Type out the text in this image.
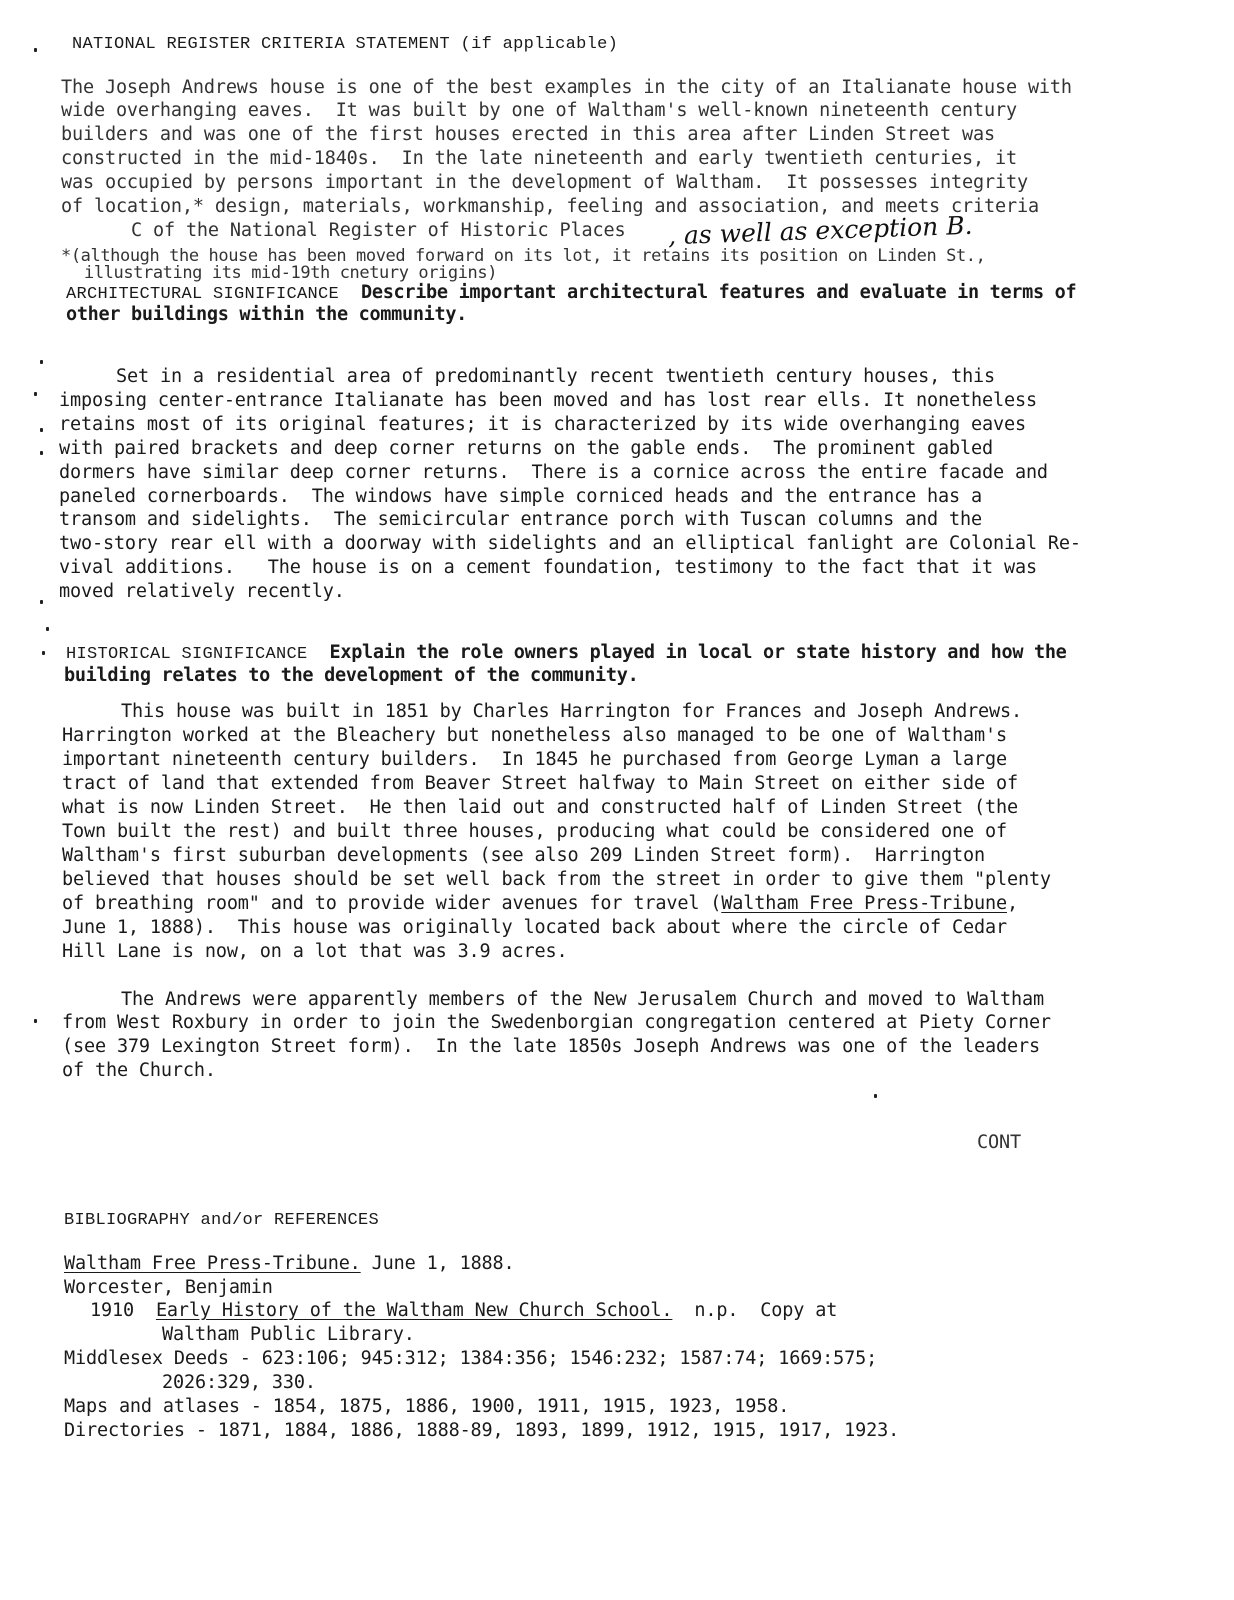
NATIONAL REGISTER CRITERIA STATEMENT (if applicable)
The Joseph Andrews house is one of the best examples in the city of an Italianate house with
wide overhanging eaves.  It was built by one of Waltham's well-known nineteenth century
builders and was one of the first houses erected in this area after Linden Street was
constructed in the mid-1840s.  In the late nineteenth and early twentieth centuries, it
was occupied by persons important in the development of Waltham.  It possesses integrity
of location,* design, materials, workmanship, feeling and association, and meets criteria
C of the National Register of Historic Places , as well as exception B.
*(although the house has been moved forward on its lot, it retains its position on Linden St.,
illustrating its mid-19th cnetury origins)
ARCHITECTURAL SIGNIFICANCE Describe important architectural features and evaluate in terms of
other buildings within the community.
Set in a residential area of predominantly recent twentieth century houses, this
imposing center-entrance Italianate has been moved and has lost rear ells. It nonetheless
retains most of its original features; it is characterized by its wide overhanging eaves
with paired brackets and deep corner returns on the gable ends.  The prominent gabled
dormers have similar deep corner returns.  There is a cornice across the entire facade and
paneled cornerboards.  The windows have simple corniced heads and the entrance has a
transom and sidelights.  The semicircular entrance porch with Tuscan columns and the
two-story rear ell with a doorway with sidelights and an elliptical fanlight are Colonial Re-
vival additions.   The house is on a cement foundation, testimony to the fact that it was
moved relatively recently.
HISTORICAL SIGNIFICANCE Explain the role owners played in local or state history and how the
building relates to the development of the community.
This house was built in 1851 by Charles Harrington for Frances and Joseph Andrews.
Harrington worked at the Bleachery but nonetheless also managed to be one of Waltham's
important nineteenth century builders.  In 1845 he purchased from George Lyman a large
tract of land that extended from Beaver Street halfway to Main Street on either side of
what is now Linden Street.  He then laid out and constructed half of Linden Street (the
Town built the rest) and built three houses, producing what could be considered one of
Waltham's first suburban developments (see also 209 Linden Street form).  Harrington
believed that houses should be set well back from the street in order to give them "plenty
of breathing room" and to provide wider avenues for travel (Waltham Free Press-Tribune,
June 1, 1888).  This house was originally located back about where the circle of Cedar
Hill Lane is now, on a lot that was 3.9 acres.
The Andrews were apparently members of the New Jerusalem Church and moved to Waltham
from West Roxbury in order to join the Swedenborgian congregation centered at Piety Corner
(see 379 Lexington Street form).  In the late 1850s Joseph Andrews was one of the leaders
of the Church.
CONT
BIBLIOGRAPHY and/or REFERENCES
Waltham Free Press-Tribune. June 1, 1888.
Worcester, Benjamin
1910 Early History of the Waltham New Church School.  n.p.  Copy at
Waltham Public Library.
Middlesex Deeds - 623:106; 945:312; 1384:356; 1546:232; 1587:74; 1669:575;
2026:329, 330.
Maps and atlases - 1854, 1875, 1886, 1900, 1911, 1915, 1923, 1958.
Directories - 1871, 1884, 1886, 1888-89, 1893, 1899, 1912, 1915, 1917, 1923.
